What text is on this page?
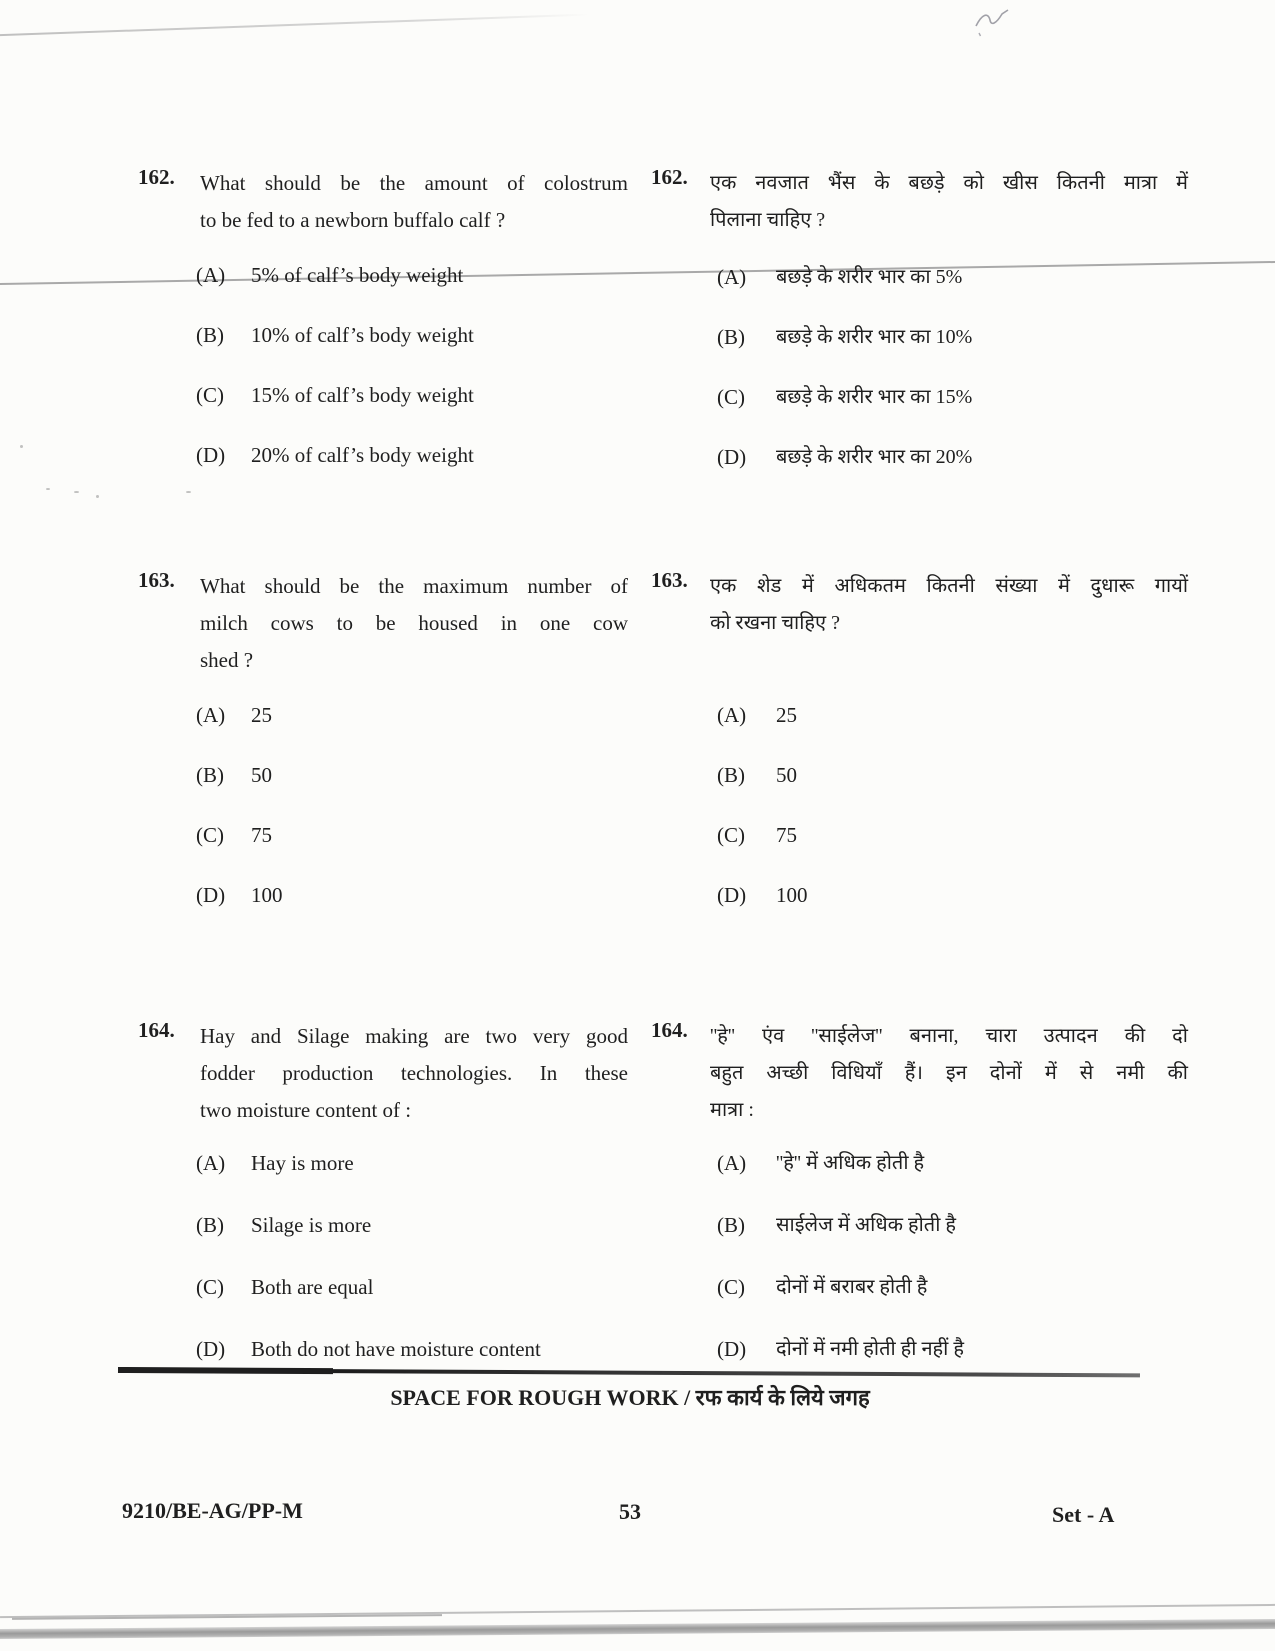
162. What should be the amount of colostrum
to be fed to a newborn buffalo calf ?
162. एक नवजात भैंस के बछड़े को खीस कितनी मात्रा में
पिलाना चाहिए ?
(A) 5% of calf’s body weight
(B) 10% of calf’s body weight
(C) 15% of calf’s body weight
(D) 20% of calf’s body weight
(A) बछड़े के शरीर भार का 5%
(B) बछड़े के शरीर भार का 10%
(C) बछड़े के शरीर भार का 15%
(D) बछड़े के शरीर भार का 20%
163. What should be the maximum number of
milch cows to be housed in one cow
shed ?
163. एक शेड में अधिकतम कितनी संख्या में दुधारू गायों
को रखना चाहिए ?
(A) 25
(B) 50
(C) 75
(D) 100
(A) 25
(B) 50
(C) 75
(D) 100
164. Hay and Silage making are two very good
fodder production technologies. In these
two moisture content of :
164. ''हे'' एंव ''साईलेज'' बनाना, चारा उत्पादन की दो
बहुत अच्छी विधियाँ हैं। इन दोनों में से नमी की
मात्रा :
(A) Hay is more
(B) Silage is more
(C) Both are equal
(D) Both do not have moisture content
(A) ''हे'' में अधिक होती है
(B) साईलेज में अधिक होती है
(C) दोनों में बराबर होती है
(D) दोनों में नमी होती ही नहीं है
SPACE FOR ROUGH WORK / रफ कार्य के लिये जगह
9210/BE-AG/PP-M	53	Set - A
